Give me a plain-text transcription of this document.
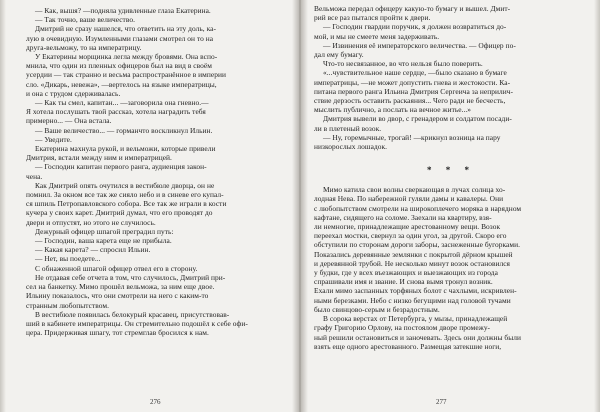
— Как, вышя? —подняла удивленные глаза Екатерина.
— Так точно, ваше величество.
Дмитрий не сразу нашелся, что ответить на эту доль, ка-
лую в очевидную. Изумленными глазами смотрел он то на
друга-вельможу, то на императрицу.
У Екатерины морщинка легла между бровями. Она вспо-
мнила, что один из пленных офицеров был на вид в своём
усердии — так странно и весьма распространённое в империи
сло. «Дикарь, невежа», —вертелось на языке императрицы,
и она с трудом сдерживалась.
— Как ты смел, капитан... —заговорила она гневно.—
Я хотела послушать твой рассказ, хотела наградить тебя
примерно... — Она встала.
— Ваше величество... — горманчто воскликнул Ильин.
— Уведите.
Екатерина махнула рукой, и вельможи, которые привели
Дмитрия, встали между ним и императрицей.
— Господин капитан первого ранга, аудиенция закон-
чена.
Как Дмитрий опять очутился в вестибюле дворца, он не
помнил. За окном все так же сияло небо и в синеве его купал-
ся шпиль Петропавловского собора. Все так же играли в кости
кучера у своих карет. Дмитрий думал, что его проводят до
двери и отпустят, но этого не случилось.
Дежурный офицер шпагой преградил путь:
— Господин, ваша карета еще не прибыла.
— Какая карета? — спросил Ильин.
— Нет, вы поедете...
С обнаженной шпагой офицер отвел его в сторону.
Не отдавая себе отчета в том, что случилось, Дмитрий при-
сел на банкетку. Мимо прошёл вельможа, за ним еще двое.
Ильину показалось, что они смотрели на него с каким-то
странным любопытством.
В вестибюле появилась белокурый красавец, присутствовав-
ший в кабинете императрицы. Он стремительно подошёл к себе офи-
цера. Придерживая шпагу, тот стремглав бросился к нам.
276
Вельможа передал офицеру какую-то бумагу и вышел. Дмит-
рий все раз пытался пройти к двери.
— Господин гвардии поручик, я должен возвратиться до-
мой, и мы не смеете меня задерживать.
— Извинения её императорского величества. — Офицер по-
дал ему бумагу.
Что-то несвязанное, во что нельзя было поверить.
«...чувствительное наше сердце, —было сказано в бумаге
императрицы, —не может допустить гнева и жестокости. Ка-
питана первого ранга Ильина Дмитрия Сергеича за неприлич-
ствие дерзость оставить раскаяния... Чего ради не бесчесть,
мыслить публично, а послать на вечное житье...»
Дмитрия вывели во двор, с гренадером и солдатом посади-
ли в плетеный возок.
— Ну, горемычные, трогай! —крикнул возница на пару
низкорослых лошадок.
* * *
Мимо катила свои волны сверкающая в лучах солнца хо-
лодная Нева. По набережной гуляли дамы и кавалеры. Они
с любопытством смотрели на широкоплечего моряка в нарядном
кафтане, сидящего на соломе. Заехали на квартиру, взя-
ли немногие, принадлежащие арестованному вещи. Возок
переехал мостки, свернул за один угол, за другой. Скоро его
обступили по сторонам дороги заборы, заснеженные бугорками.
Показались деревянные землянки с покрытой дёрном крышей
и деревянной трубой. Не несколько минут возок остановился
у будки, где у всех въезжающих и выезжающих из города
спрашивали имя и звание. И снова вымя тронул возник.
Ехали мимо заспанных торфяных болот с чахлыми, искривлен-
ными березками. Небо с низко бегущими над головой тучами
было свинцово-серым и безрадостным.
В сорока верстах от Петербурга, у мызы, принадлежащей
графу Григорию Орлову, на постоялом дворе промежу-
ный решили остановиться и заночевать. Здесь они должны были
взять еще одного арестованного. Размещая затекшие ноги,
277
